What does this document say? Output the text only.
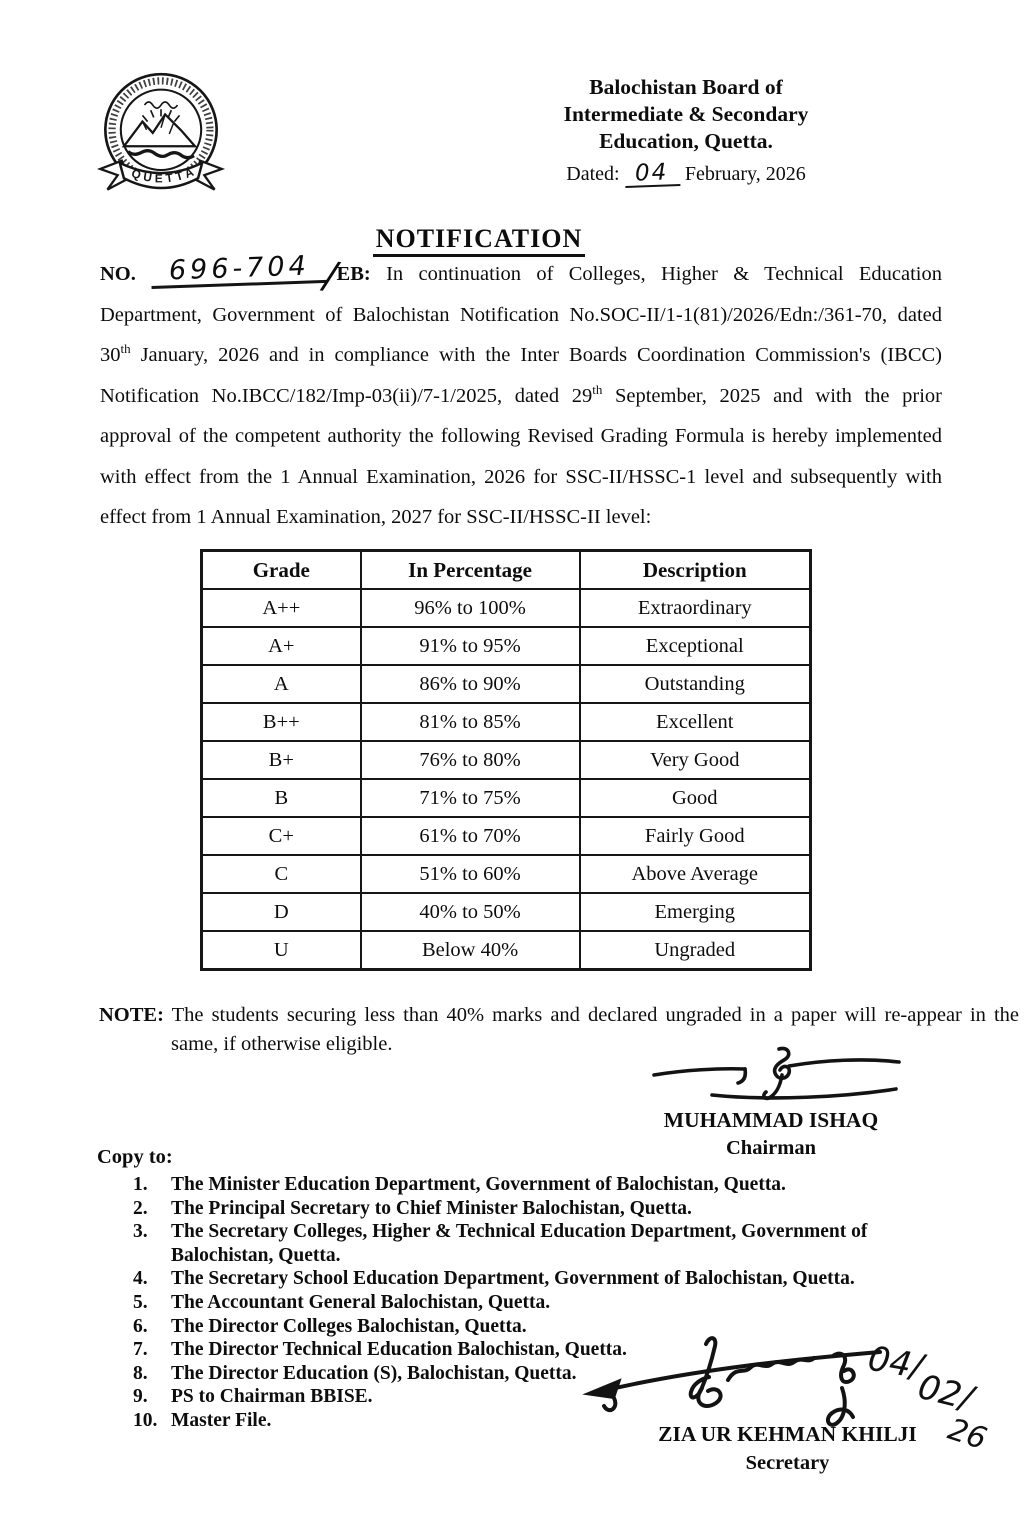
QUETTA
Balochistan Board of
Intermediate & Secondary
Education, Quetta.
Dated: 04 February, 2026
NOTIFICATION

NO. 696-704 /EB: In continuation of Colleges, Higher & Technical Education Department, Government of Balochistan Notification No.SOC-II/1-1(81)/2026/Edn:/361-70, dated 30th January, 2026 and in compliance with the Inter Boards Coordination Commission's (IBCC) Notification No.IBCC/182/Imp-03(ii)/7-1/2025, dated 29th September, 2025 and with the prior approval of the competent authority the following Revised Grading Formula is hereby implemented with effect from the 1 Annual Examination, 2026 for SSC-II/HSSC-1 level and subsequently with effect from 1 Annual Examination, 2027 for SSC-II/HSSC-II level:

Grade	In Percentage	Description
A++	96% to 100%	Extraordinary
A+	91% to 95%	Exceptional
A	86% to 90%	Outstanding
B++	81% to 85%	Excellent
B+	76% to 80%	Very Good
B	71% to 75%	Good
C+	61% to 70%	Fairly Good
C	51% to 60%	Above Average
D	40% to 50%	Emerging
U	Below 40%	Ungraded
NOTE: The students securing less than 40% marks and declared ungraded in a paper will re-appear in the same, if otherwise eligible.
MUHAMMAD ISHAQ
Chairman
Copy to:
1.	The Minister Education Department, Government of Balochistan, Quetta.
2.	The Principal Secretary to Chief Minister Balochistan, Quetta.
3.	The Secretary Colleges, Higher & Technical Education Department, Government of Balochistan, Quetta.
4.	The Secretary School Education Department, Government of Balochistan, Quetta.
5.	The Accountant General Balochistan, Quetta.
6.	The Director Colleges Balochistan, Quetta.
7.	The Director Technical Education Balochistan, Quetta.
8.	The Director Education (S), Balochistan, Quetta.
9.	PS to Chairman BBISE.
10. Master File.
04/
02/
26
ZIA UR KEHMAN KHILJI
Secretary
